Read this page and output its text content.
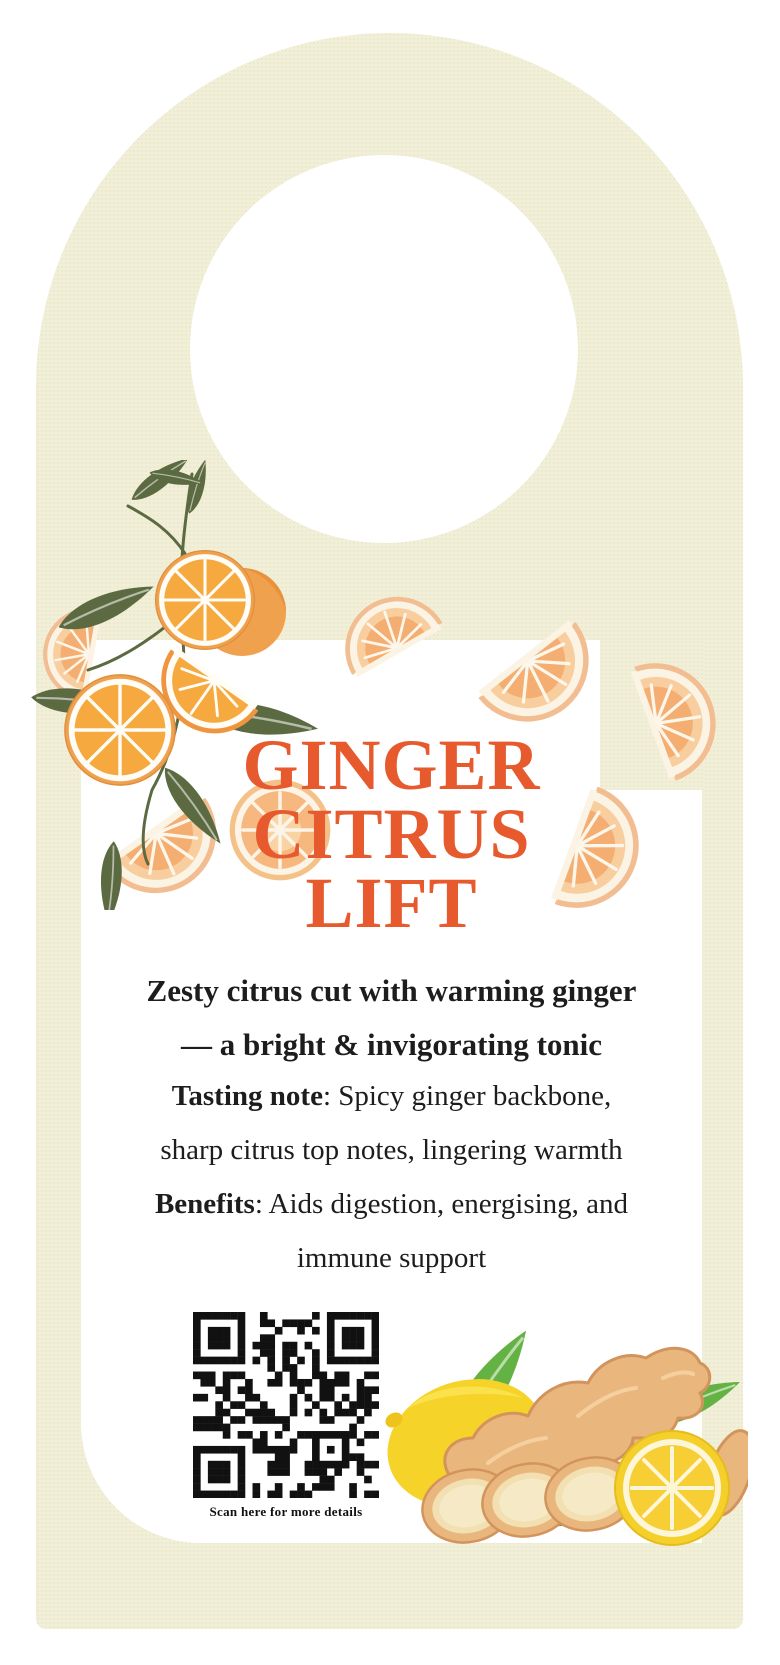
GINGER
CITRUS
LIFT
Zesty citrus cut with warming ginger
— a bright & invigorating tonic
Tasting note: Spicy ginger backbone,
sharp citrus top notes, lingering warmth
Benefits: Aids digestion, energising, and
immune support
Scan here for more details
